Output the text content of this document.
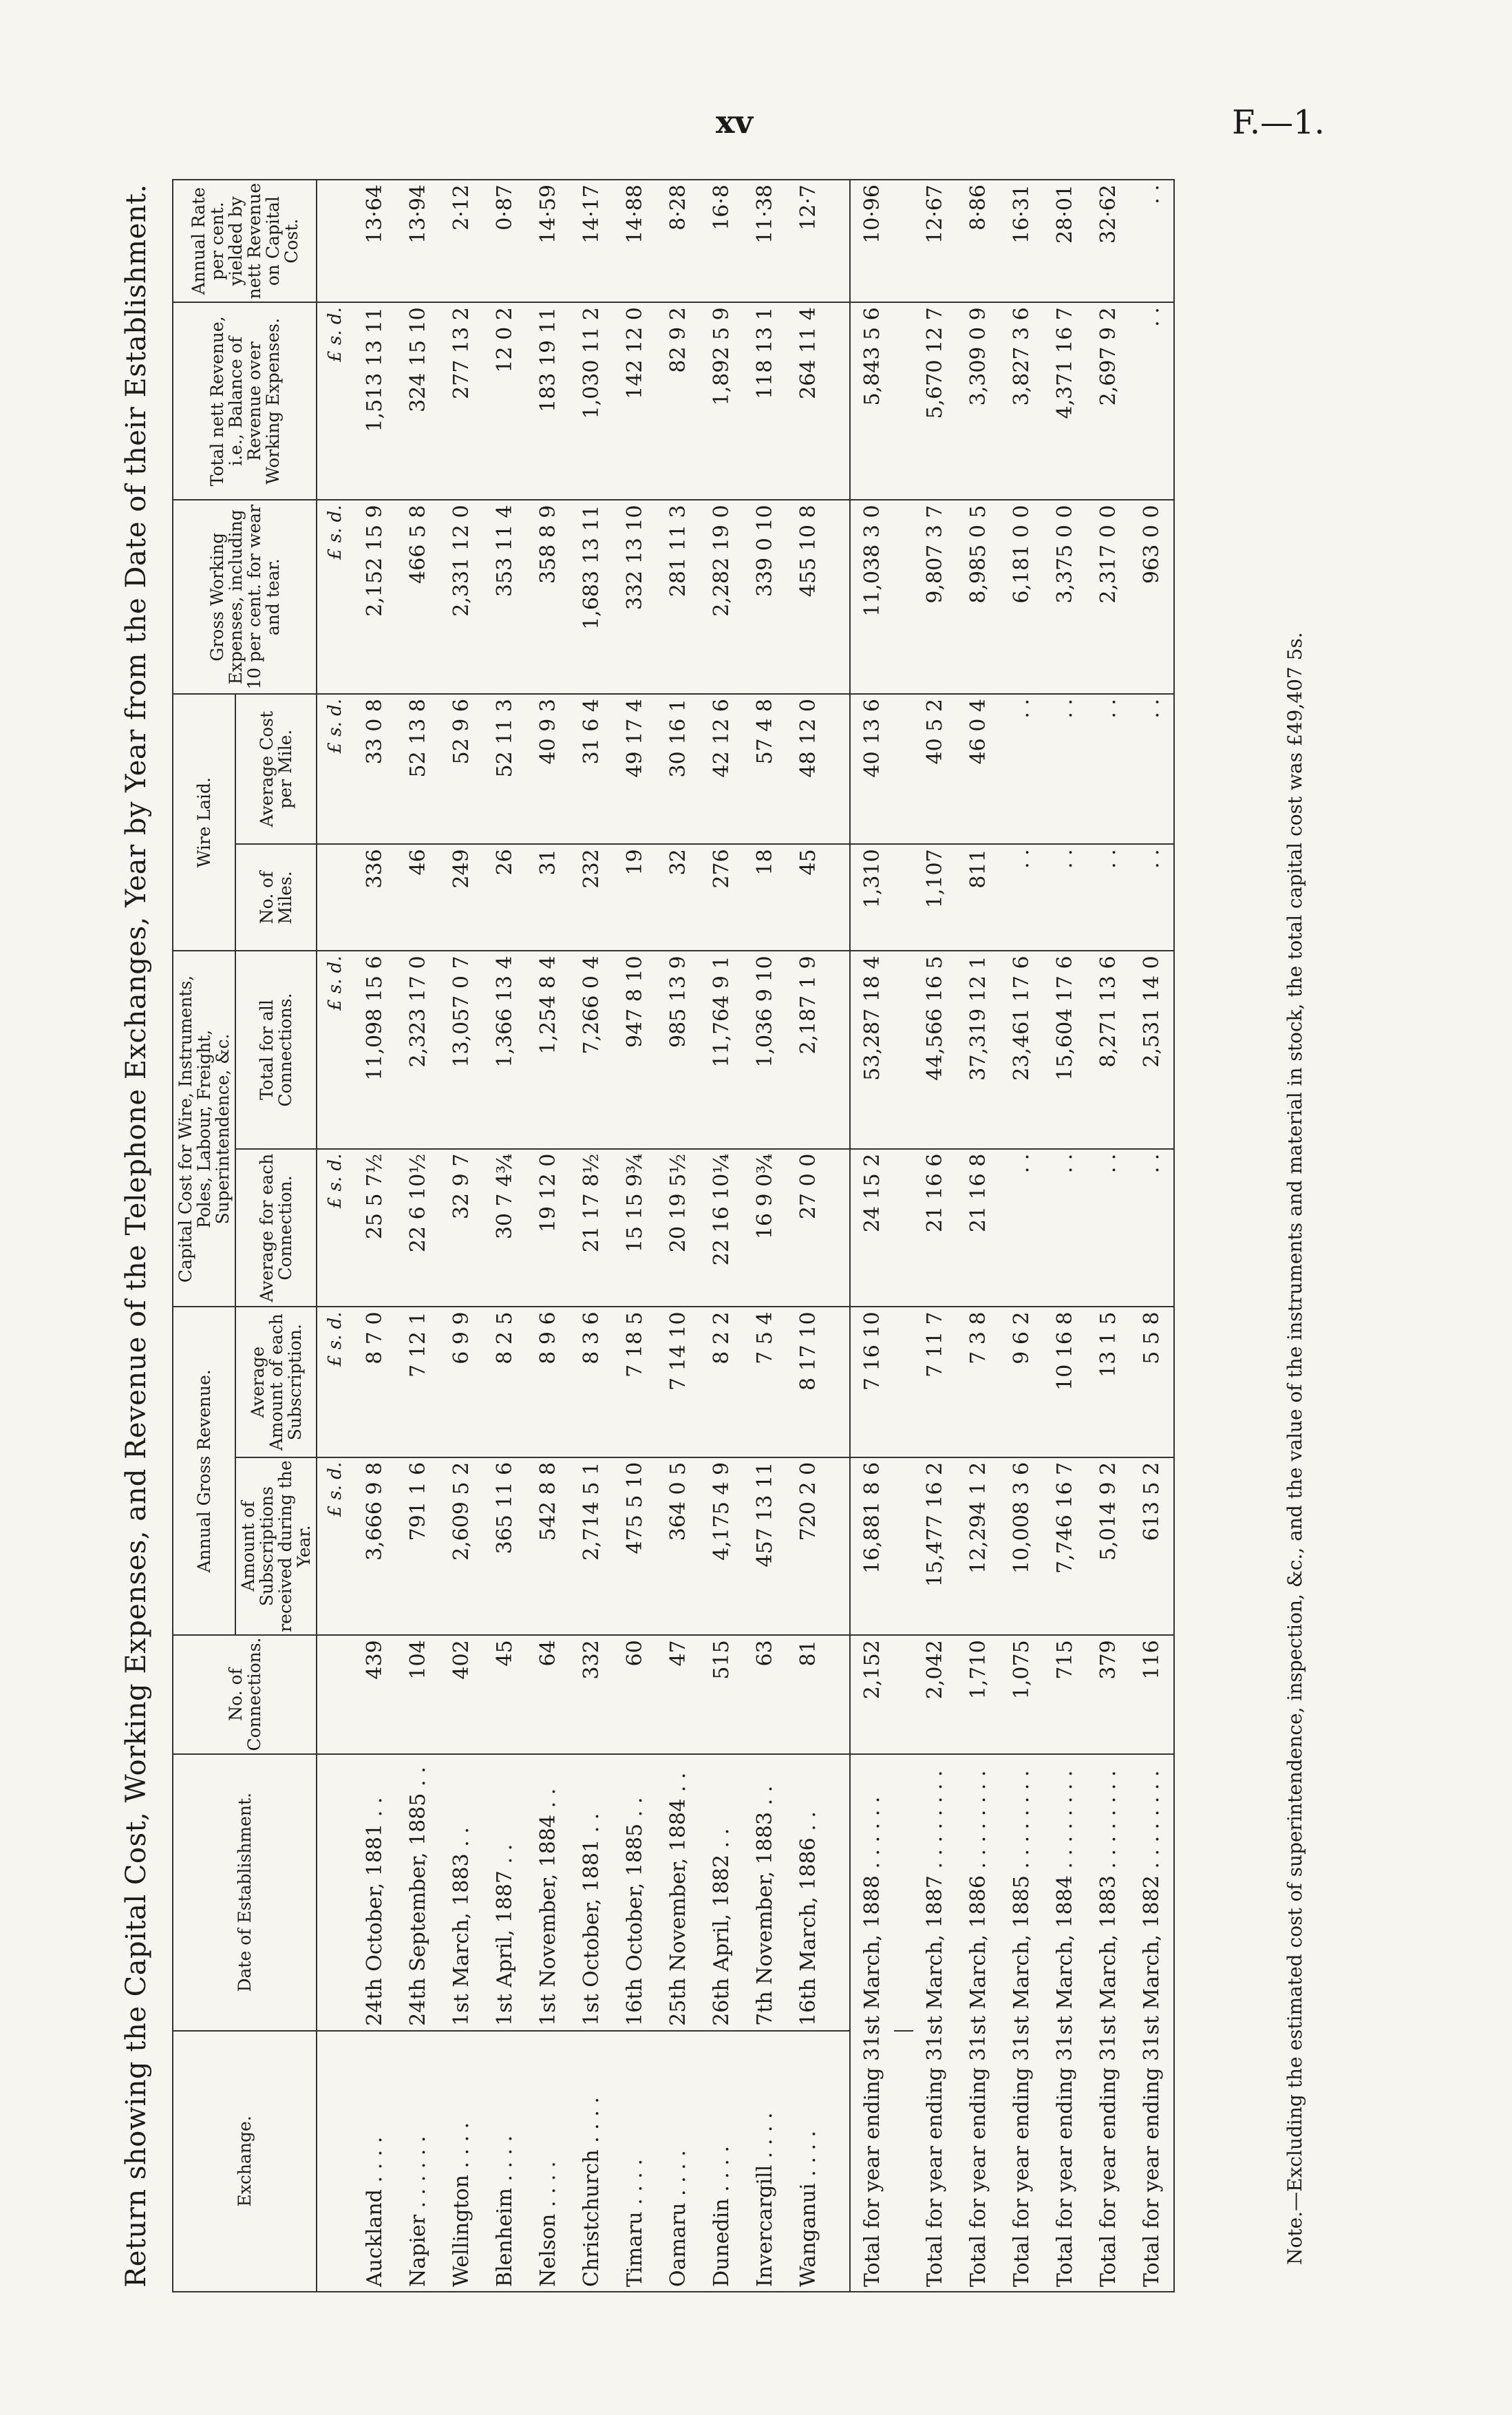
xv	F.—1.
Return showing the Capital Cost, Working Expenses, and Revenue of the Telephone Exchanges, Year by Year from the Date of their Establishment.	Exchange.	Date of Establishment.	No. of Connections.	Annual Gross Revenue.		Capital Cost for Wire, Instruments, Poles, Labour, Freight, Superintendence, &c.		Wire Laid.		Gross Working Expenses, including 10 per cent. for wear and tear.	Total nett Revenue, i.e., Balance of Revenue over Working Expenses.	Annual Rate per cent. yielded by nett Revenue on Capital Cost.
			Amount of Subscriptions received during the Year.	Average Amount of each Subscription.	Average for each Connection.	Total for all Connections.	No. of Miles.	Average Cost per Mile.			
			£ s. d.	£ s. d.	£ s. d.	£ s. d.		£ s. d.	£ s. d.	£ s. d.	
Auckland . . . .	24th October, 1881 . .	439	3,666 9 8	8 7 0	25 5 7½	11,098 15 6	336	33 0 8	2,152 15 9	1,513 13 11	13·64
Napier . . . . . .	24th September, 1885 . .	104	791 1 6	7 12 1	22 6 10½	2,323 17 0	46	52 13 8	466 5 8	324 15 10	13·94
Wellington . . . .	1st March, 1883 . .	402	2,609 5 2	6 9 9	32 9 7	13,057 0 7	249	52 9 6	2,331 12 0	277 13 2	2·12
Blenheim . . . .	1st April, 1887 . .	45	365 11 6	8 2 5	30 7 4¾	1,366 13 4	26	52 11 3	353 11 4	12 0 2	0·87
Nelson . . . .	1st November, 1884 . .	64	542 8 8	8 9 6	19 12 0	1,254 8 4	31	40 9 3	358 8 9	183 19 11	14·59
Christchurch . . . .	1st October, 1881 . .	332	2,714 5 1	8 3 6	21 17 8½	7,266 0 4	232	31 6 4	1,683 13 11	1,030 11 2	14·17
Timaru . . . .	16th October, 1885 . .	60	475 5 10	7 18 5	15 15 9¾	947 8 10	19	49 17 4	332 13 10	142 12 0	14·88
Oamaru . . . .	25th November, 1884 . .	47	364 0 5	7 14 10	20 19 5½	985 13 9	32	30 16 1	281 11 3	82 9 2	8·28
Dunedin . . . .	26th April, 1882 . .	515	4,175 4 9	8 2 2	22 16 10¼	11,764 9 1	276	42 12 6	2,282 19 0	1,892 5 9	16·8
Invercargill . . . .	7th November, 1883 . .	63	457 13 11	7 5 4	16 9 0¾	1,036 9 10	18	57 4 8	339 0 10	118 13 1	11·38
Wanganui . . . .	16th March, 1886 . .	81	720 2 0	8 17 10	27 0 0	2,187 1 9	45	48 12 0	455 10 8	264 11 4	12·7

Total for year ending 31st March, 1888 . . . . . .		2,152	16,881 8 6	7 16 10	24 15 2	53,287 18 4	1,310	40 13 6	11,038 3 0	5,843 5 6	10·96

Total for year ending 31st March, 1887 . . . . . . . .		2,042	15,477 16 2	7 11 7	21 16 6	44,566 16 5	1,107	40 5 2	9,807 3 7	5,670 12 7	12·67
Total for year ending 31st March, 1886 . . . . . . . .		1,710	12,294 1 2	7 3 8	21 16 8	37,319 12 1	811	46 0 4	8,985 0 5	3,309 0 9	8·86
Total for year ending 31st March, 1885 . . . . . . . .		1,075	10,008 3 6	9 6 2	. .	23,461 17 6	. .	. .	6,181 0 0	3,827 3 6	16·31
Total for year ending 31st March, 1884 . . . . . . . .		715	7,746 16 7	10 16 8	. .	15,604 17 6	. .	. .	3,375 0 0	4,371 16 7	28·01
Total for year ending 31st March, 1883 . . . . . . . .		379	5,014 9 2	13 1 5	. .	8,271 13 6	. .	. .	2,317 0 0	2,697 9 2	32·62
Total for year ending 31st March, 1882 . . . . . . . .		116	613 5 2	5 5 8	. .	2,531 14 0	. .	. .	963 0 0	. .	. .
Note.—Excluding the estimated cost of superintendence, inspection, &c., and the value of the instruments and material in stock, the total capital cost was £49,407 5s.
